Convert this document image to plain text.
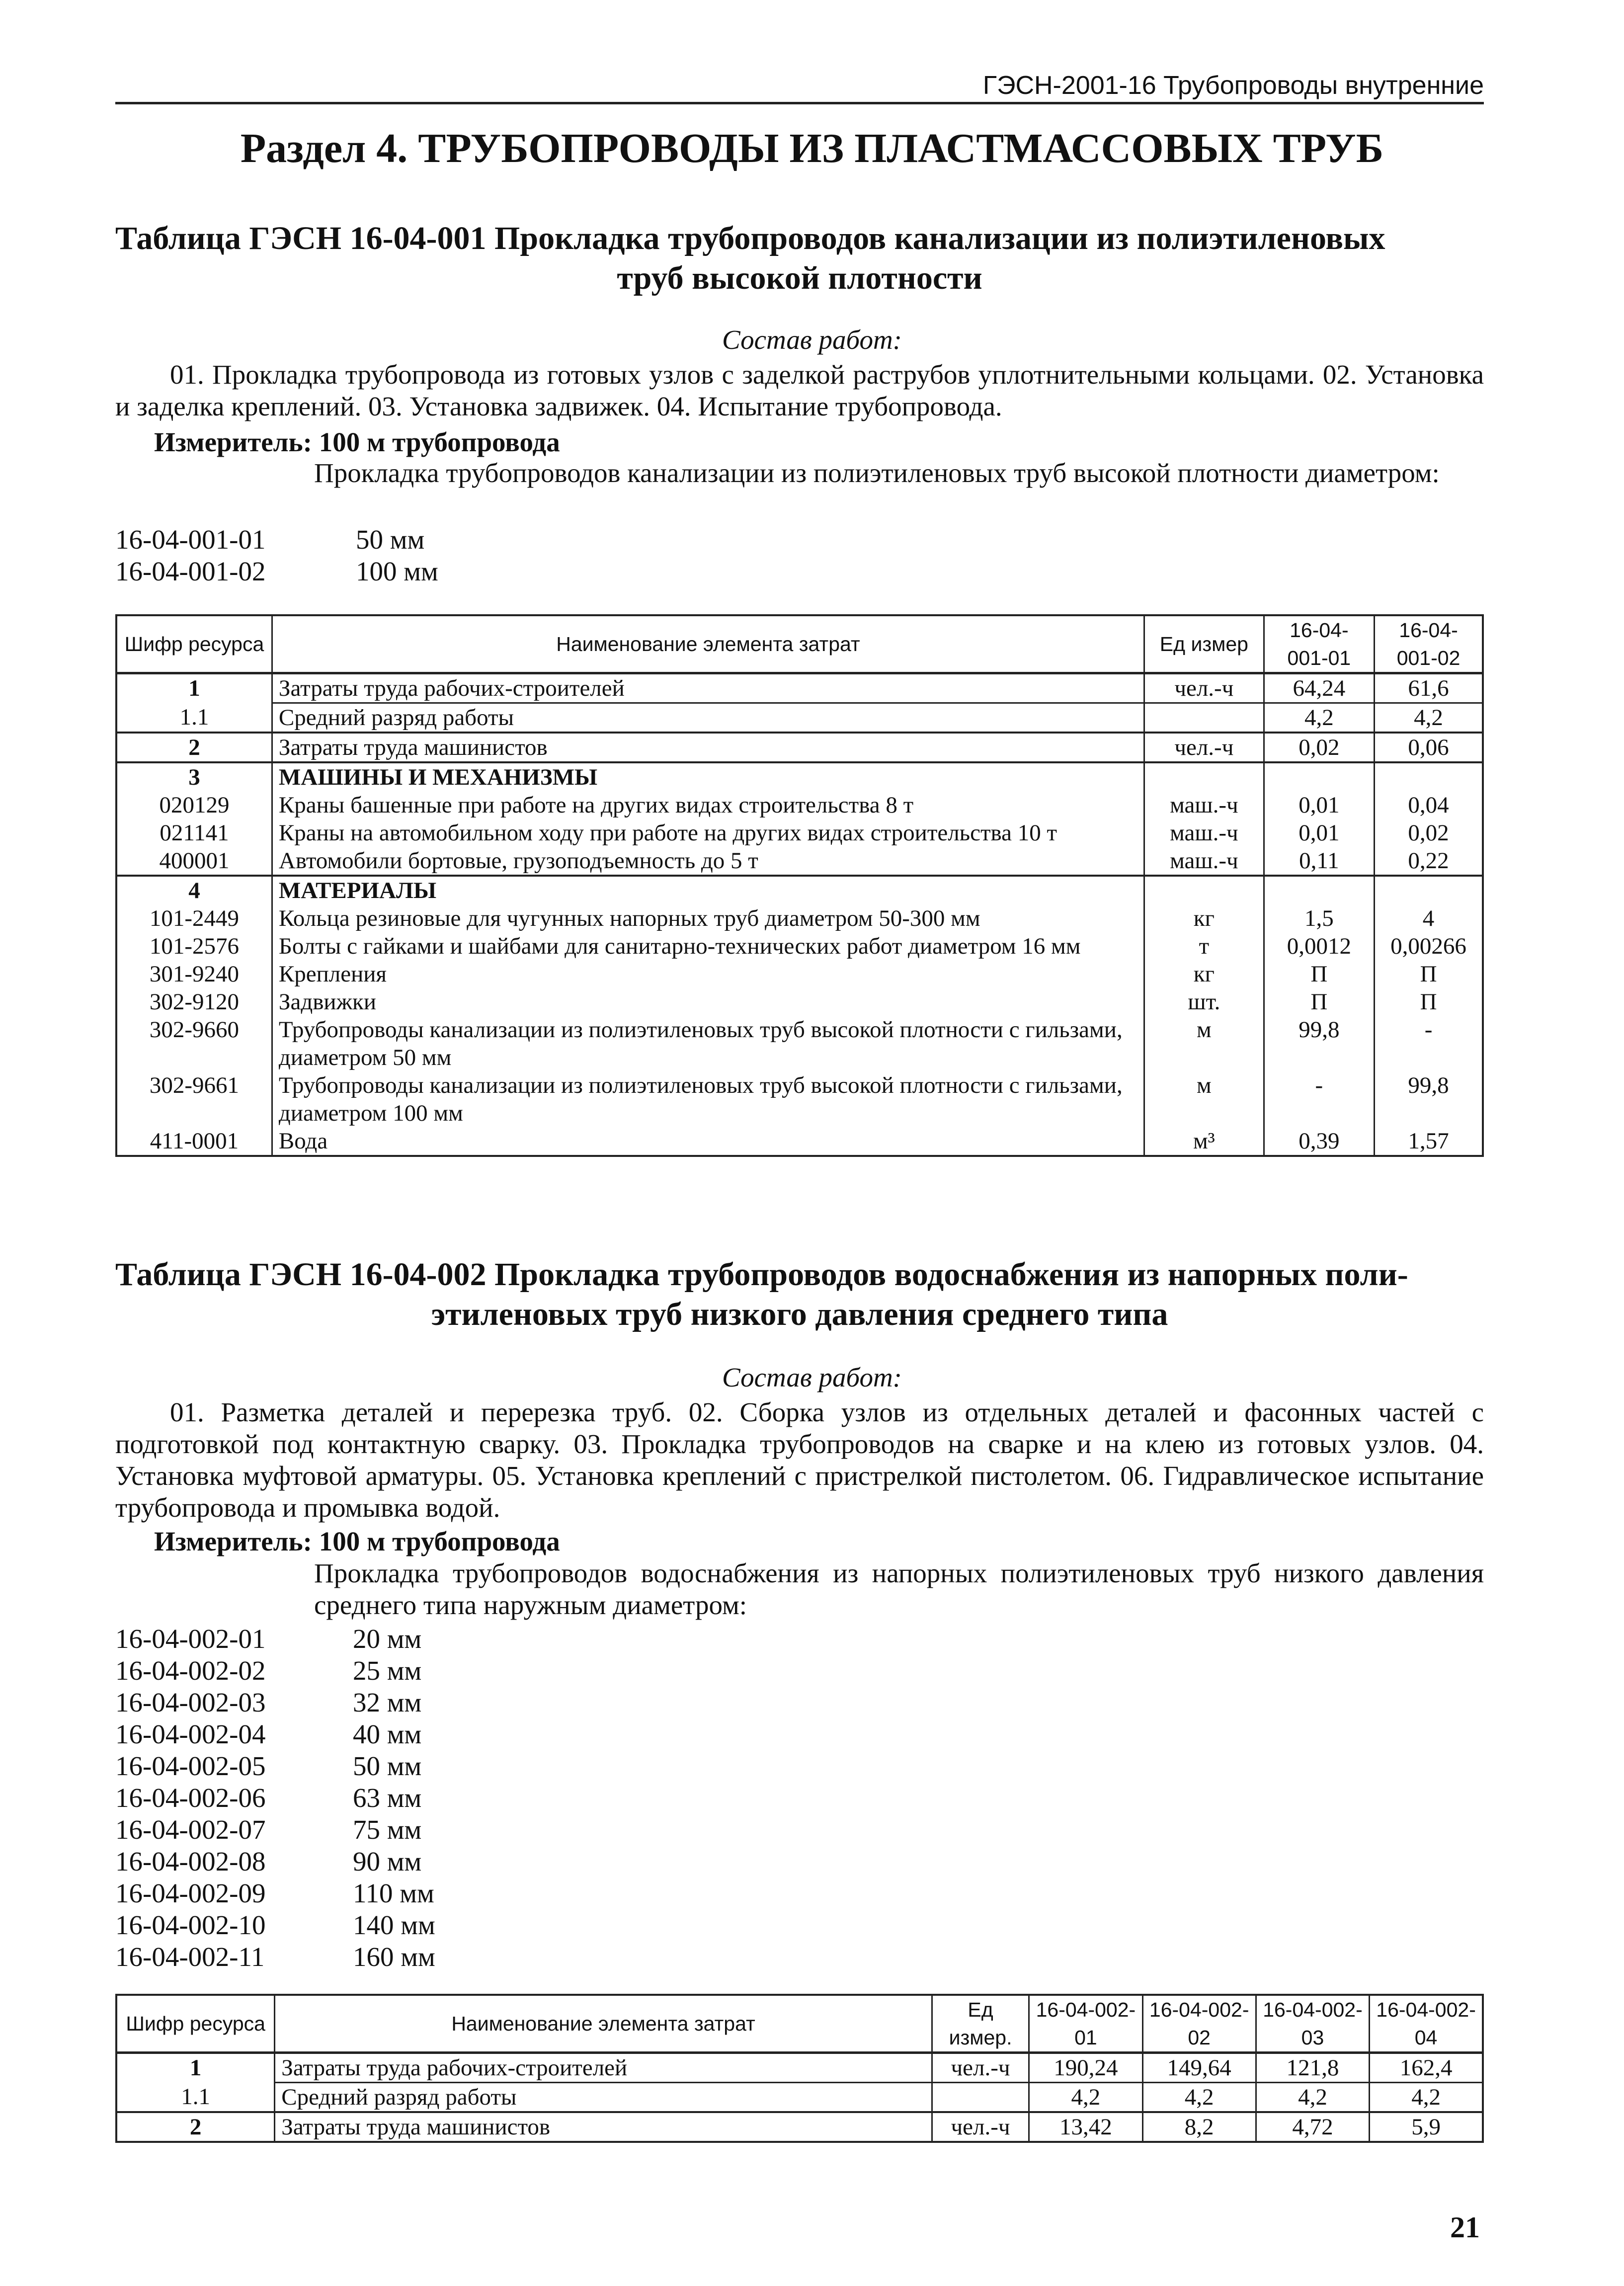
ГЭСН-2001-16 Трубопроводы внутренние
Раздел 4. ТРУБОПРОВОДЫ ИЗ ПЛАСТМАССОВЫХ ТРУБ
Таблица ГЭСН 16-04-001 Прокладка трубопроводов канализации из полиэтиленовых
труб высокой плотности
Состав работ:
01. Прокладка трубопровода из готовых узлов с заделкой раструбов уплотнительными кольцами. 02. Установка и заделка креплений. 03. Установка задвижек. 04. Испытание трубопровода.
Измеритель: 100 м трубопровода
Прокладка трубопроводов канализации из полиэтиленовых труб высокой плотности диаметром:
16-04-001-01	50 мм
16-04-001-02	100 мм
Шифр ресурса	Наименование элемента затрат	Ед измер	16-04-001-01	16-04-001-02
1	Затраты труда рабочих-строителей	чел.-ч	64,24	61,6
1.1	Средний разряд работы		4,2	4,2
2	Затраты труда машинистов	чел.-ч	0,02	0,06
3	МАШИНЫ И МЕХАНИЗМЫ			
020129	Краны башенные при работе на других видах строительства 8 т	маш.-ч	0,01	0,04
021141	Краны на автомобильном ходу при работе на других видах строительства 10 т	маш.-ч	0,01	0,02
400001	Автомобили бортовые, грузоподъемность до 5 т	маш.-ч	0,11	0,22
4	МАТЕРИАЛЫ			
101-2449	Кольца резиновые для чугунных напорных труб диаметром 50-300 мм	кг	1,5	4
101-2576	Болты с гайками и шайбами для санитарно-технических работ диаметром 16 мм	т	0,0012	0,00266
301-9240	Крепления	кг	П	П
302-9120	Задвижки	шт.	П	П
302-9660	Трубопроводы канализации из полиэтиленовых труб высокой плотности с гильзами, диаметром 50 мм	м	99,8	-
302-9661	Трубопроводы канализации из полиэтиленовых труб высокой плотности с гильзами, диаметром 100 мм	м	-	99,8
411-0001	Вода	м³	0,39	1,57
Таблица ГЭСН 16-04-002 Прокладка трубопроводов водоснабжения из напорных поли-
этиленовых труб низкого давления среднего типа
Состав работ:
01. Разметка деталей и перерезка труб. 02. Сборка узлов из отдельных деталей и фасонных частей с подготовкой под контактную сварку. 03. Прокладка трубопроводов на сварке и на клею из готовых узлов. 04. Установка муфтовой арматуры. 05. Установка креплений с пристрелкой пистолетом. 06. Гидравлическое испытание трубопровода и промывка водой.
Измеритель: 100 м трубопровода
Прокладка трубопроводов водоснабжения из напорных полиэтиленовых труб низкого давления среднего типа наружным диаметром:
16-04-002-01	20 мм
16-04-002-02	25 мм
16-04-002-03	32 мм
16-04-002-04	40 мм
16-04-002-05	50 мм
16-04-002-06	63 мм
16-04-002-07	75 мм
16-04-002-08	90 мм
16-04-002-09	110 мм
16-04-002-10	140 мм
16-04-002-11	160 мм
Шифр ресурса	Наименование элемента затрат	Ед измер.	16-04-002-01	16-04-002-02	16-04-002-03	16-04-002-04
1	Затраты труда рабочих-строителей	чел.-ч	190,24	149,64	121,8	162,4
1.1	Средний разряд работы		4,2	4,2	4,2	4,2
2	Затраты труда машинистов	чел.-ч	13,42	8,2	4,72	5,9
21
